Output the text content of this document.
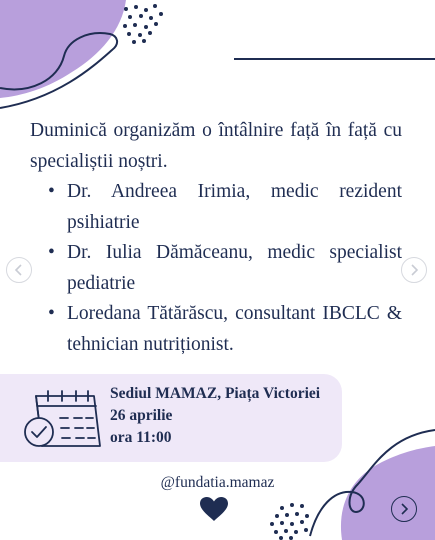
Duminică organizăm o întâlnire față în față cu specialiștii noștri.

• Dr. Andreea Irimia, medic rezident psihiatrie
• Dr. Iulia Dămăceanu, medic specialist pediatrie
• Loredana Tătărăscu, consultant IBCLC & tehnician nutriționist.
Sediul MAMAZ, Piața Victoriei
26 aprilie
ora 11:00
@fundatia.mamaz
